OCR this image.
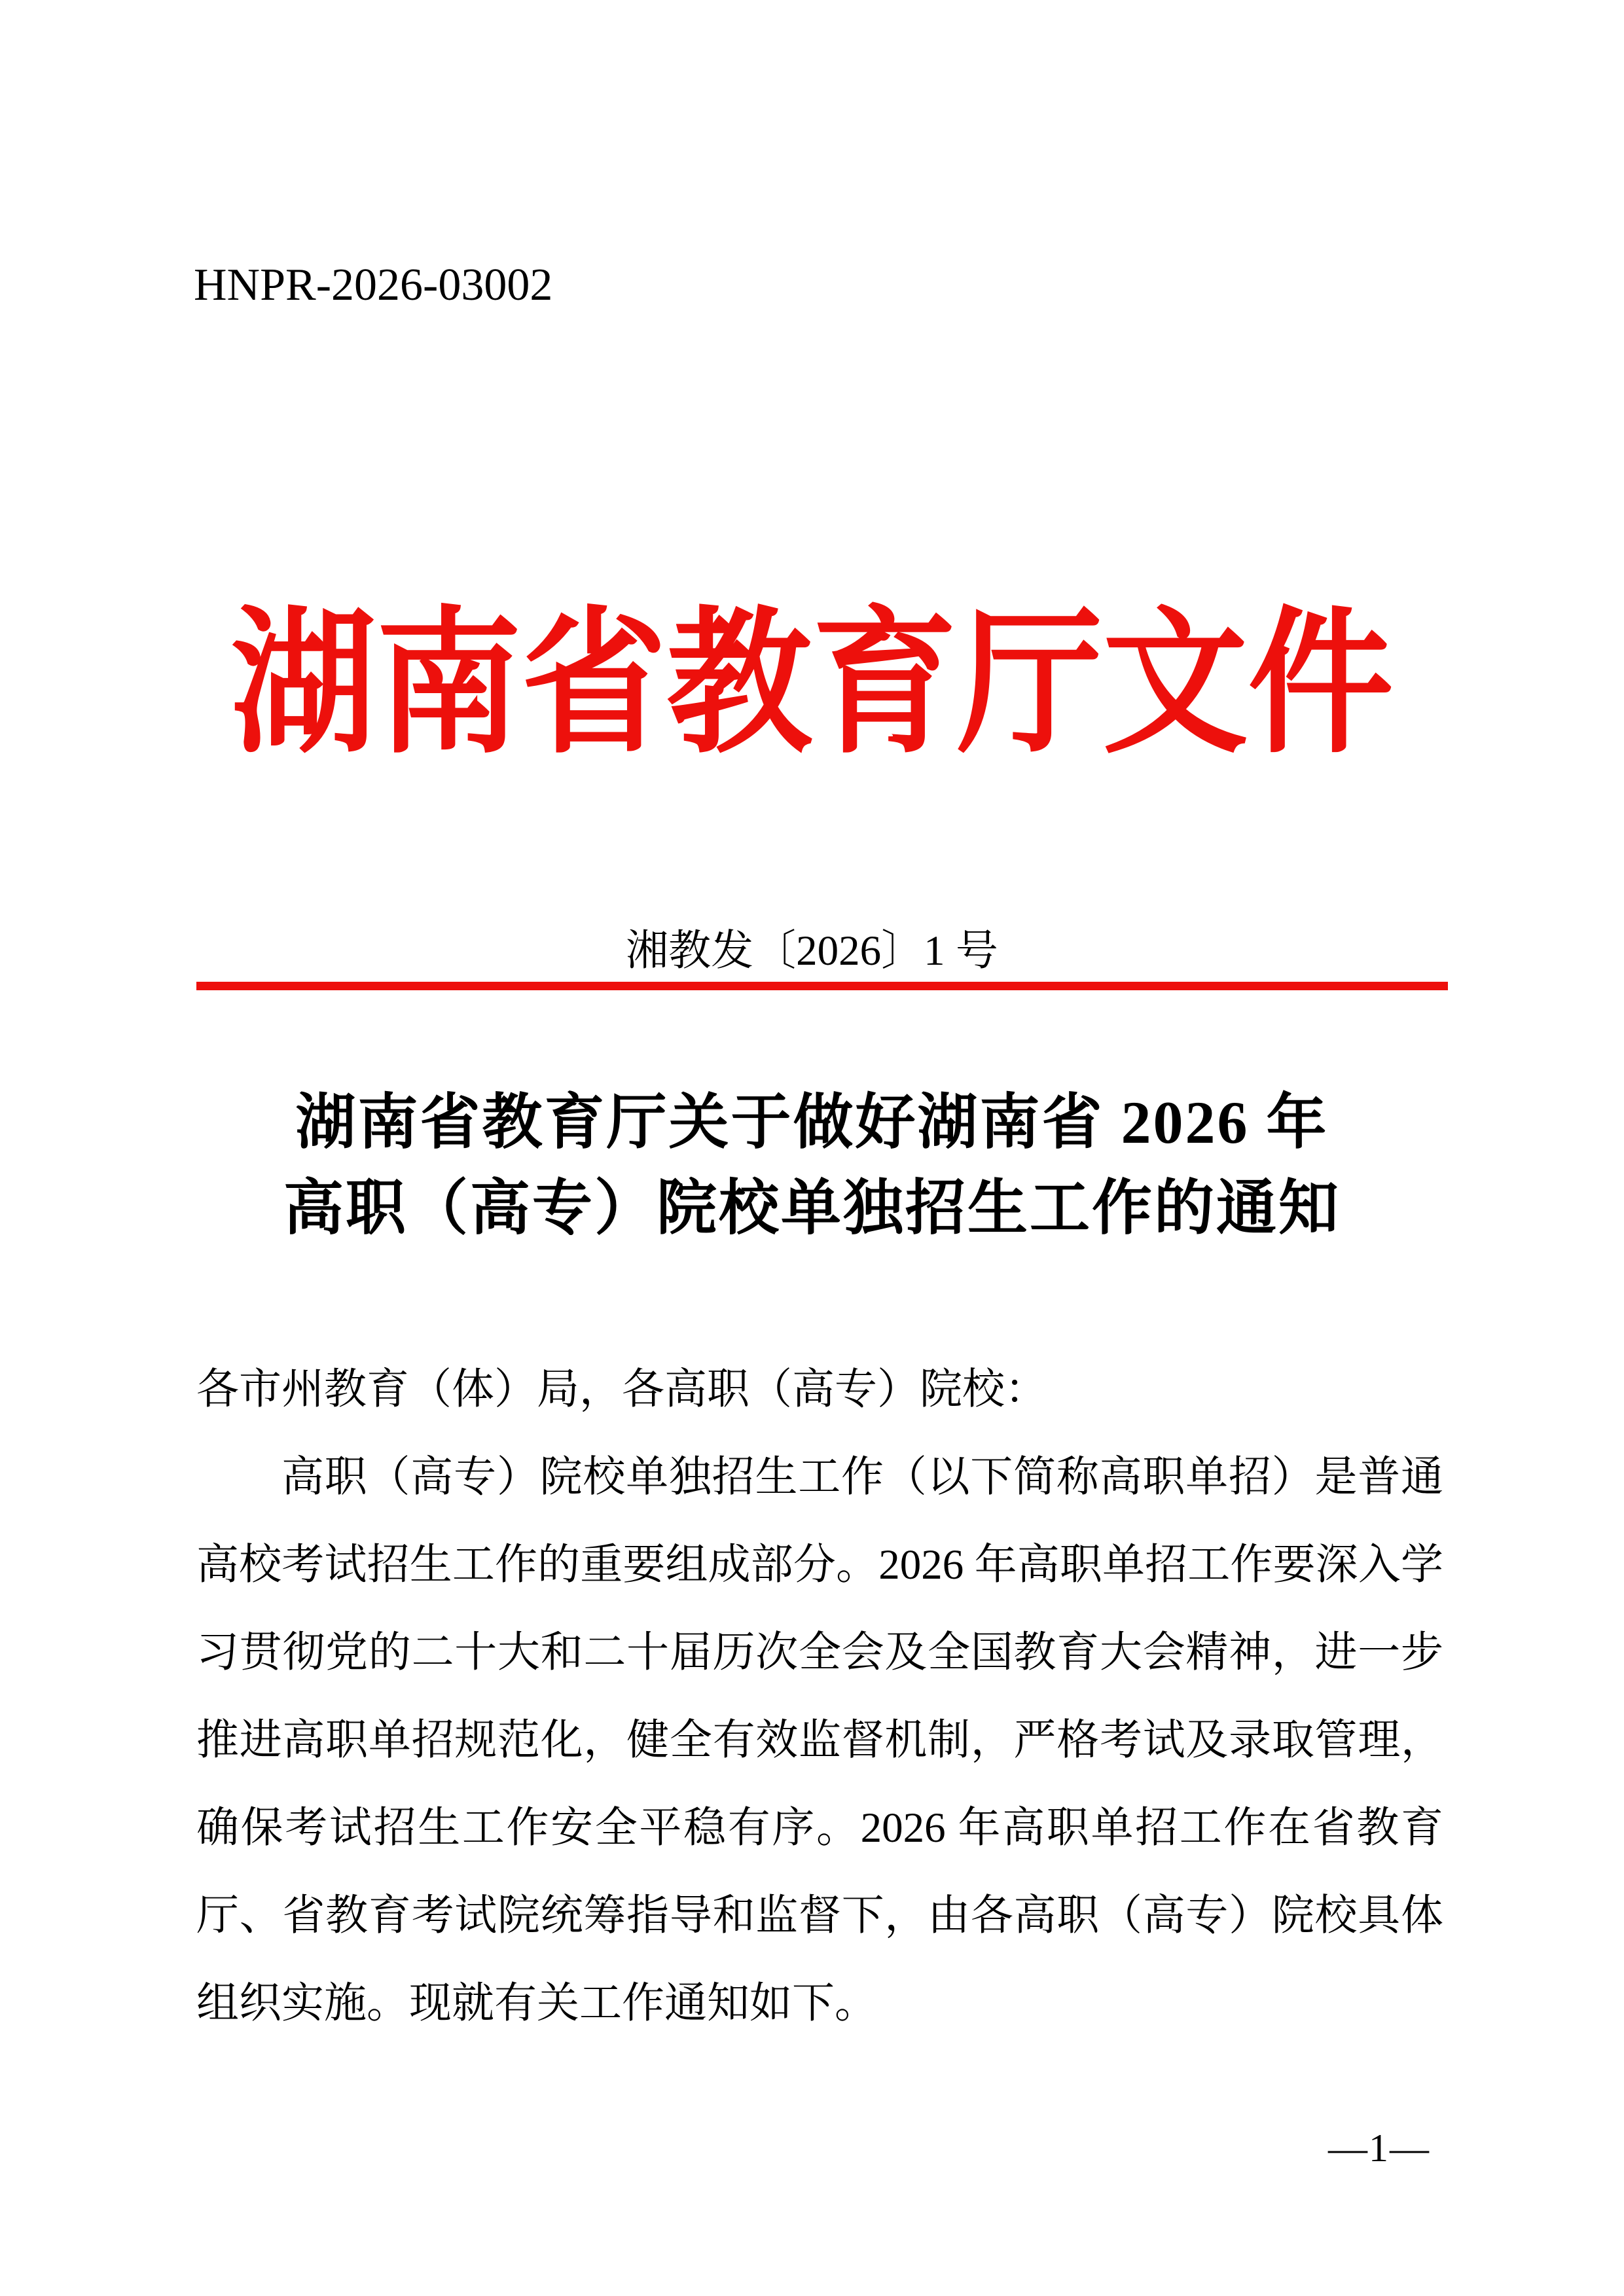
HNPR-2026-03002
湖南省教育厅文件
湘教发〔2026〕1 号
湖南省教育厅关于做好湖南省 2026 年
高职（高专）院校单独招生工作的通知

各市州教育（体）局，各高职（高专）院校：

高职（高专）院校单独招生工作（以下简称高职单招）是普通高校考试招生工作的重要组成部分。2026 年高职单招工作要深入学习贯彻党的二十大和二十届历次全会及全国教育大会精神，进一步推进高职单招规范化，健全有效监督机制，严格考试及录取管理，确保考试招生工作安全平稳有序。2026 年高职单招工作在省教育厅、省教育考试院统筹指导和监督下，由各高职（高专）院校具体组织实施。现就有关工作通知如下。

—1—
